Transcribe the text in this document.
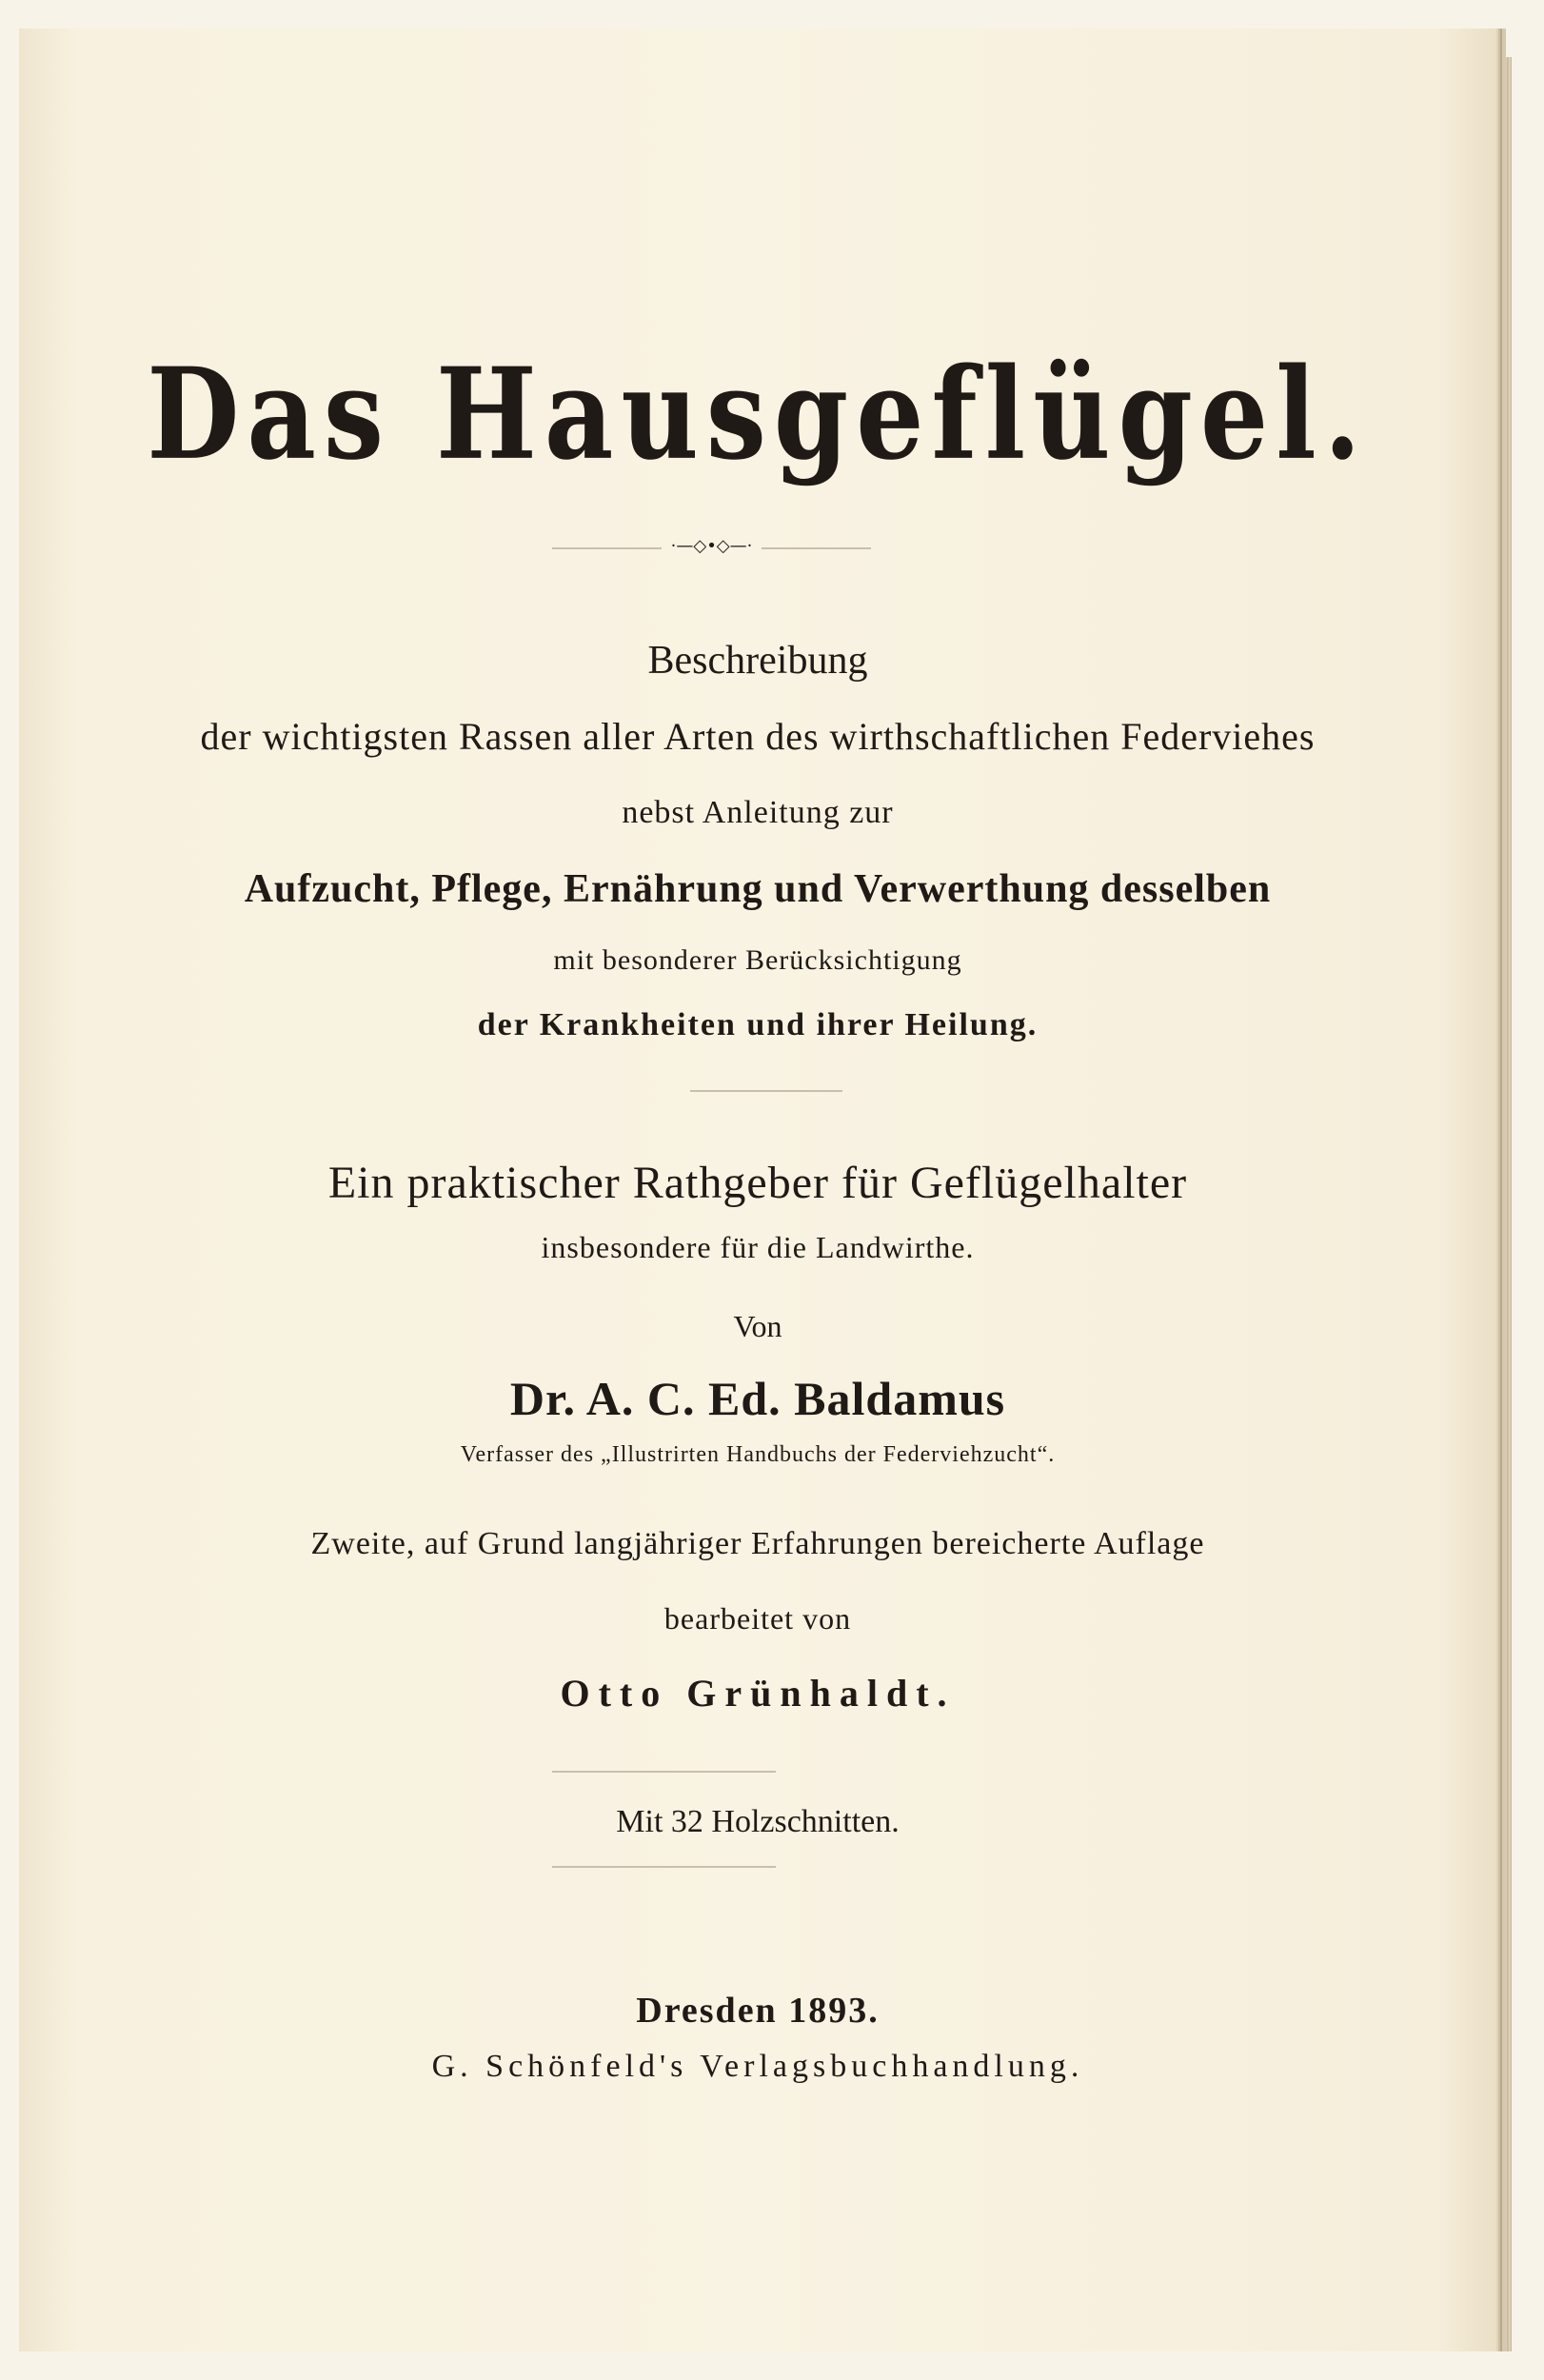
Das Hausgeflügel.
·—◇•◇—·
Beschreibung
der wichtigsten Rassen aller Arten des wirthschaftlichen Federviehes
nebst Anleitung zur
Aufzucht, Pflege, Ernährung und Verwerthung desselben
mit besonderer Berücksichtigung
der Krankheiten und ihrer Heilung.
Ein praktischer Rathgeber für Geflügelhalter
insbesondere für die Landwirthe.
Von
Dr. A. C. Ed. Baldamus
Verfasser des „Illustrirten Handbuchs der Federviehzucht“.
Zweite, auf Grund langjähriger Erfahrungen bereicherte Auflage
bearbeitet von
Otto Grünhaldt.
Mit 32 Holzschnitten.
Dresden 1893.
G. Schönfeld's Verlagsbuchhandlung.
